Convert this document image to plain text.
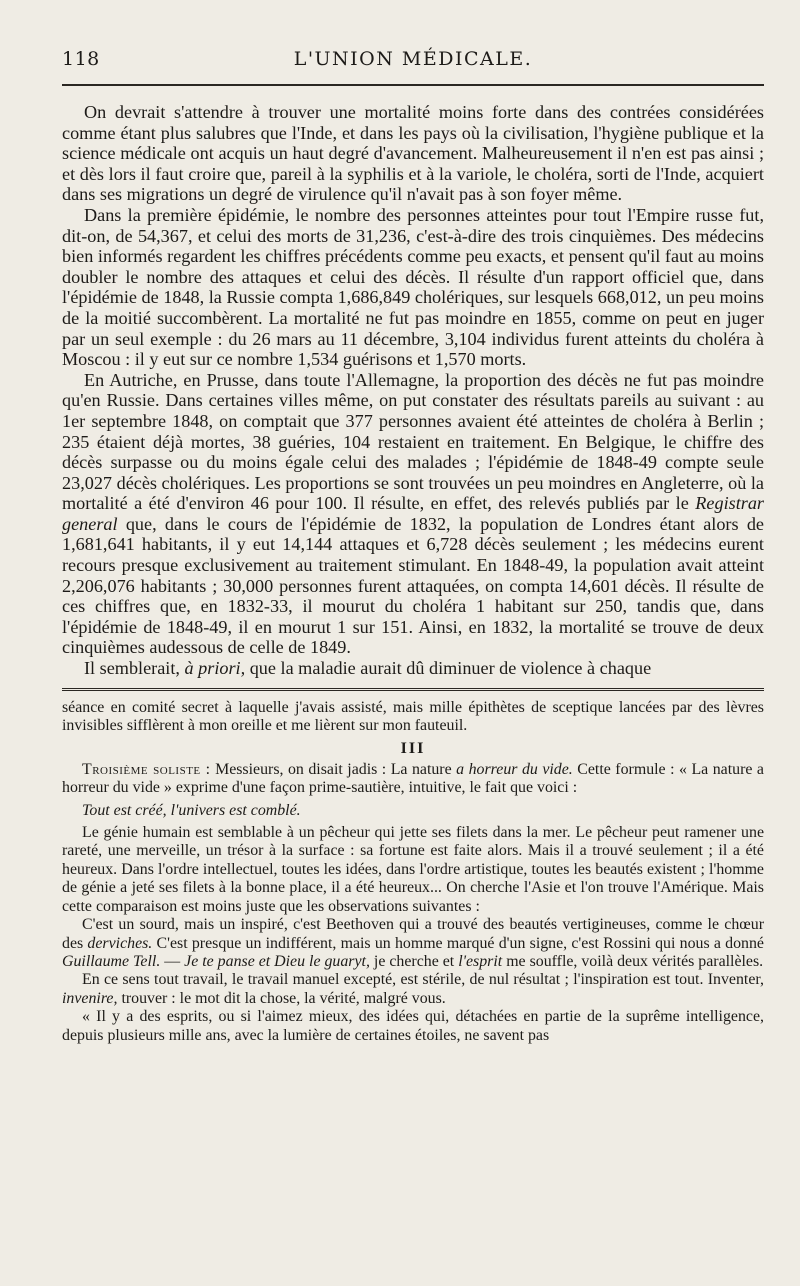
118	L'UNION MÉDICALE.

On devrait s'attendre à trouver une mortalité moins forte dans des contrées considérées comme étant plus salubres que l'Inde, et dans les pays où la civilisation, l'hygiène publique et la science médicale ont acquis un haut degré d'avancement. Malheureusement il n'en est pas ainsi ; et dès lors il faut croire que, pareil à la syphilis et à la variole, le choléra, sorti de l'Inde, acquiert dans ses migrations un degré de virulence qu'il n'avait pas à son foyer même.

Dans la première épidémie, le nombre des personnes atteintes pour tout l'Empire russe fut, dit-on, de 54,367, et celui des morts de 31,236, c'est-à-dire des trois cinquièmes. Des médecins bien informés regardent les chiffres précédents comme peu exacts, et pensent qu'il faut au moins doubler le nombre des attaques et celui des décès. Il résulte d'un rapport officiel que, dans l'épidémie de 1848, la Russie compta 1,686,849 cholériques, sur lesquels 668,012, un peu moins de la moitié succombèrent. La mortalité ne fut pas moindre en 1855, comme on peut en juger par un seul exemple : du 26 mars au 11 décembre, 3,104 individus furent atteints du choléra à Moscou : il y eut sur ce nombre 1,534 guérisons et 1,570 morts.

En Autriche, en Prusse, dans toute l'Allemagne, la proportion des décès ne fut pas moindre qu'en Russie. Dans certaines villes même, on put constater des résultats pareils au suivant : au 1er septembre 1848, on comptait que 377 personnes avaient été atteintes de choléra à Berlin ; 235 étaient déjà mortes, 38 guéries, 104 restaient en traitement. En Belgique, le chiffre des décès surpasse ou du moins égale celui des malades ; l'épidémie de 1848-49 compte seule 23,027 décès cholériques. Les proportions se sont trouvées un peu moindres en Angleterre, où la mortalité a été d'environ 46 pour 100. Il résulte, en effet, des relevés publiés par le Registrar general que, dans le cours de l'épidémie de 1832, la population de Londres étant alors de 1,681,641 habitants, il y eut 14,144 attaques et 6,728 décès seulement ; les médecins eurent recours presque exclusivement au traitement stimulant. En 1848-49, la population avait atteint 2,206,076 habitants ; 30,000 personnes furent attaquées, on compta 14,601 décès. Il résulte de ces chiffres que, en 1832-33, il mourut du choléra 1 habitant sur 250, tandis que, dans l'épidémie de 1848-49, il en mourut 1 sur 151. Ainsi, en 1832, la mortalité se trouve de deux cinquièmes audessous de celle de 1849.

Il semblerait, à priori, que la maladie aurait dû diminuer de violence à chaque

séance en comité secret à laquelle j'avais assisté, mais mille épithètes de sceptique lancées par des lèvres invisibles sifflèrent à mon oreille et me lièrent sur mon fauteuil.

III

Troisième soliste : Messieurs, on disait jadis : La nature a horreur du vide. Cette formule : « La nature a horreur du vide » exprime d'une façon prime-sautière, intuitive, le fait que voici :

Tout est créé, l'univers est comblé.

Le génie humain est semblable à un pêcheur qui jette ses filets dans la mer. Le pêcheur peut ramener une rareté, une merveille, un trésor à la surface : sa fortune est faite alors. Mais il a trouvé seulement ; il a été heureux. Dans l'ordre intellectuel, toutes les idées, dans l'ordre artistique, toutes les beautés existent ; l'homme de génie a jeté ses filets à la bonne place, il a été heureux... On cherche l'Asie et l'on trouve l'Amérique. Mais cette comparaison est moins juste que les observations suivantes :

C'est un sourd, mais un inspiré, c'est Beethoven qui a trouvé des beautés vertigineuses, comme le chœur des derviches. C'est presque un indifférent, mais un homme marqué d'un signe, c'est Rossini qui nous a donné Guillaume Tell. — Je te panse et Dieu le guaryt, je cherche et l'esprit me souffle, voilà deux vérités parallèles.

En ce sens tout travail, le travail manuel excepté, est stérile, de nul résultat ; l'inspiration est tout. Inventer, invenire, trouver : le mot dit la chose, la vérité, malgré vous.

« Il y a des esprits, ou si l'aimez mieux, des idées qui, détachées en partie de la suprême intelligence, depuis plusieurs mille ans, avec la lumière de certaines étoiles, ne savent pas
